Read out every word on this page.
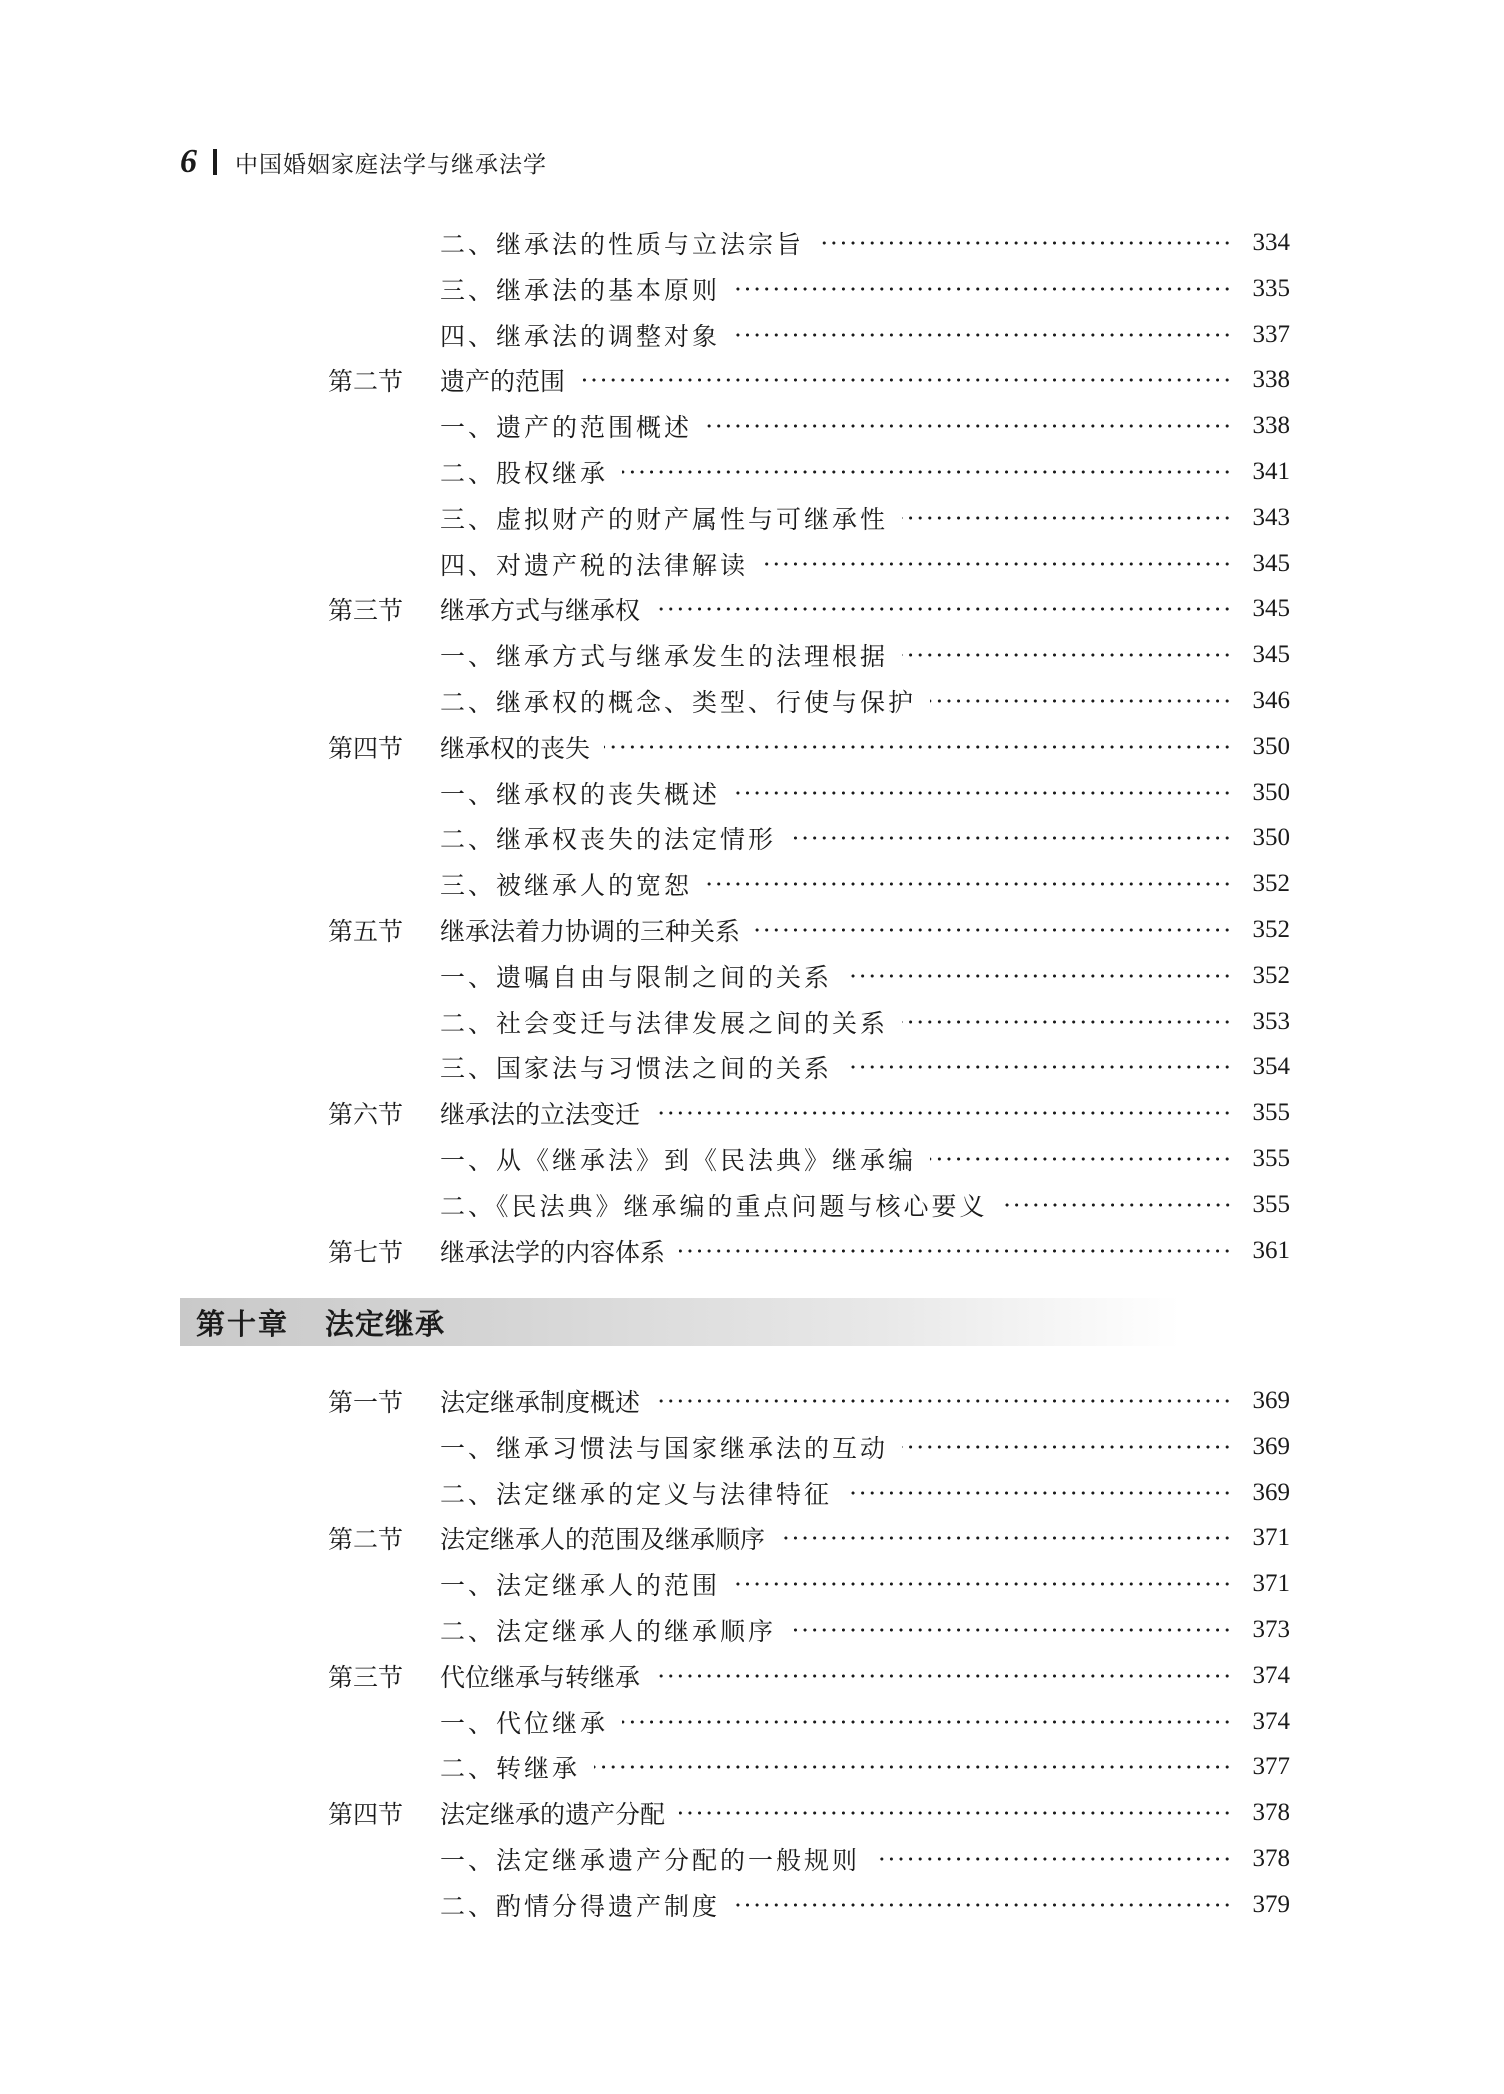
6 中国婚姻家庭法学与继承法学
二、继承法的性质与立法宗旨	334
三、继承法的基本原则	335
四、继承法的调整对象	337
第二节	遗产的范围	338
一、遗产的范围概述	338
二、股权继承	341
三、虚拟财产的财产属性与可继承性	343
四、对遗产税的法律解读	345
第三节	继承方式与继承权	345
一、继承方式与继承发生的法理根据	345
二、继承权的概念、类型、行使与保护	346
第四节	继承权的丧失	350
一、继承权的丧失概述	350
二、继承权丧失的法定情形	350
三、被继承人的宽恕	352
第五节	继承法着力协调的三种关系	352
一、遗嘱自由与限制之间的关系	352
二、社会变迁与法律发展之间的关系	353
三、国家法与习惯法之间的关系	354
第六节	继承法的立法变迁	355
一、从《继承法》到《民法典》继承编	355
二、《民法典》继承编的重点问题与核心要义	355
第七节	继承法学的内容体系	361
第一节	法定继承制度概述	369
一、继承习惯法与国家继承法的互动	369
二、法定继承的定义与法律特征	369
第二节	法定继承人的范围及继承顺序	371
一、法定继承人的范围	371
二、法定继承人的继承顺序	373
第三节	代位继承与转继承	374
一、代位继承	374
二、转继承	377
第四节	法定继承的遗产分配	378
一、法定继承遗产分配的一般规则	378
二、酌情分得遗产制度	379
第十章 法定继承
